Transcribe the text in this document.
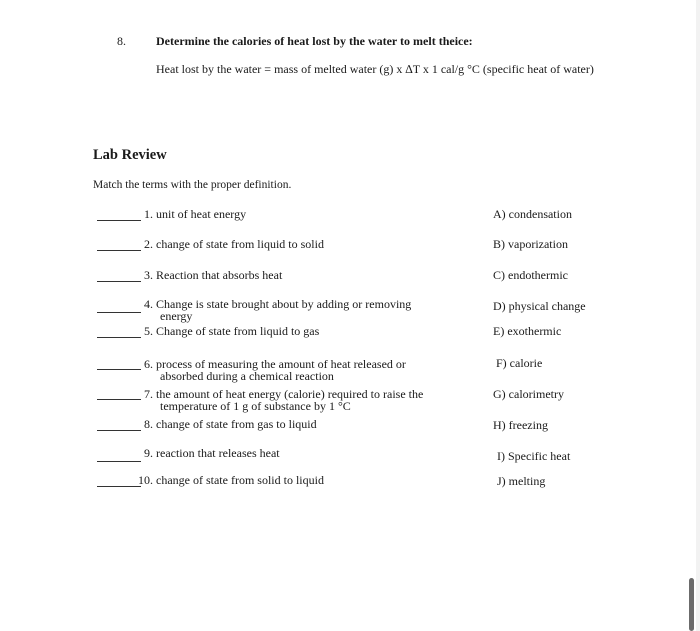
8.	Determine the calories of heat lost by the water to melt theice:
Heat lost by the water = mass of melted water (g) x ∆T x 1 cal/g °C (specific heat of water)
Lab Review
Match the terms with the proper definition.
1. unit of heat energy
2. change of state from liquid to solid
3. Reaction that absorbs heat
4. Change is state brought about by adding or removing
energy
5. Change of state from liquid to gas
6. process of measuring the amount of heat released or
absorbed during a chemical reaction
7. the amount of heat energy (calorie) required to raise the
temperature of 1 g of substance by 1 °C
8. change of state from gas to liquid
9. reaction that releases heat
10. change of state from solid to liquid
A) condensation
B) vaporization
C) endothermic
D) physical change
E) exothermic
F) calorie
G) calorimetry
H) freezing
I) Specific heat
J) melting
